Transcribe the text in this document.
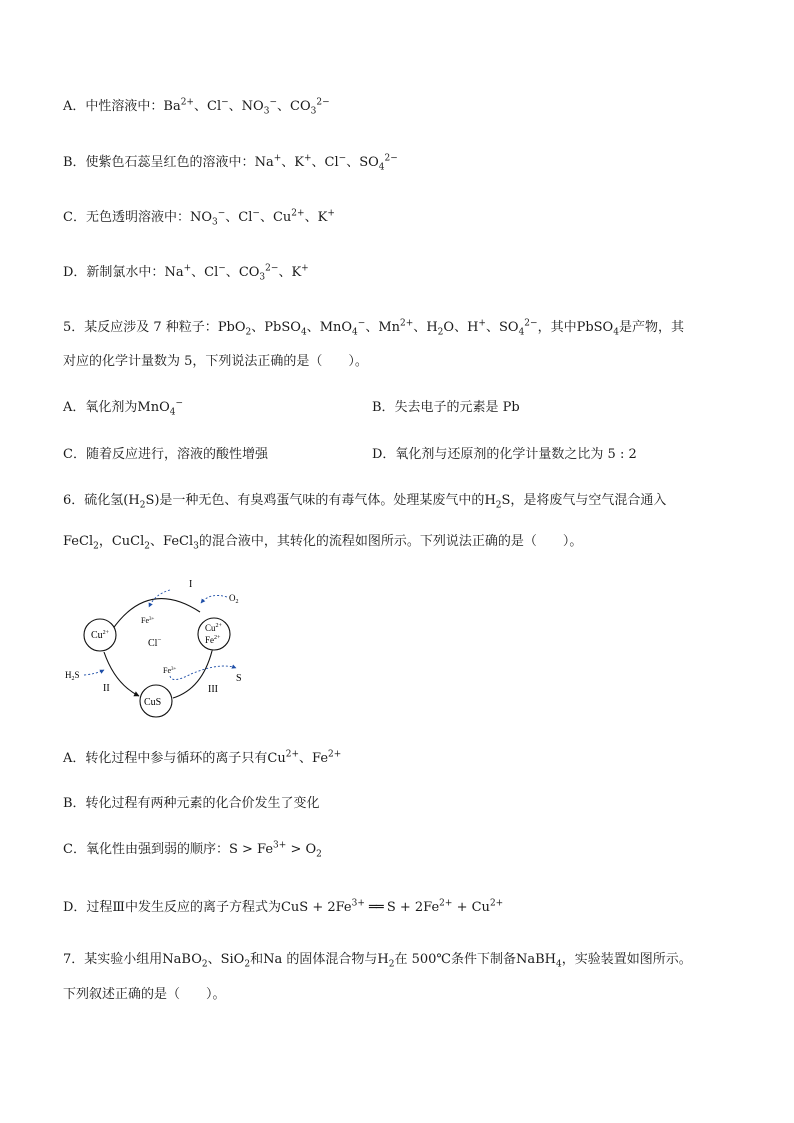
A．中性溶液中：$Ba^{2+}$、Cl−、$NO_3^-$、$CO_3^{2-}$
B．使紫色石蕊呈红色的溶液中：Na+、K+、Cl−、$SO_4^{2-}$
C．无色透明溶液中：$NO_3^-$、Cl−、$Cu^{2+}$、K+
D．新制氯水中：Na+、Cl−、$CO_3^{2-}$、K+
5．某反应涉及 7 种粒子：PbO$_2$、PbSO$_4$、MnO$_4$−、$Mn^{2+}$、$H_2O$、H+、$SO_4^{2-}$，其中PbSO$_4$是产物，其
对应的化学计量数为 5，下列说法正确的是（　　）。
A．氧化剂为MnO$_4$−	B．失去电子的元素是 Pb
C．随着反应进行，溶液的酸性增强	D．氧化剂与还原剂的化学计量数之比为 5 : 2
6．硫化氢$(H_2S)$是一种无色、有臭鸡蛋气味的有毒气体。处理某废气中的$H_2S$，是将废气与空气混合通入
FeCl$_2$，CuCl$_2$、FeCl$_3$的混合液中，其转化的流程如图所示。下列说法正确的是（　　）。
$Cu^{2+}$	$Cu^{2+}$
$Fe^{2+}$
CuS
Cl−
I
II	III
$Fe^{3+}$
$O_2$
$H_2S$	$Fe^{3+}$
S
A．转化过程中参与循环的离子只有$Cu^{2+}$、$Fe^{2+}$
B．转化过程有两种元素的化合价发生了变化
C．氧化性由强到弱的顺序：$S > Fe^{3+} > O_2$
D．过程Ⅲ中发生反应的离子方程式为CuS + $2Fe^{3+}$ ══ $S + 2Fe^{2+} + Cu^{2+}$
7．某实验小组用NaBO$_2$、SiO$_2$和Na 的固体混合物与$H_2$在 500℃条件下制备NaBH$_4$，实验装置如图所示。
下列叙述正确的是（　　）。
